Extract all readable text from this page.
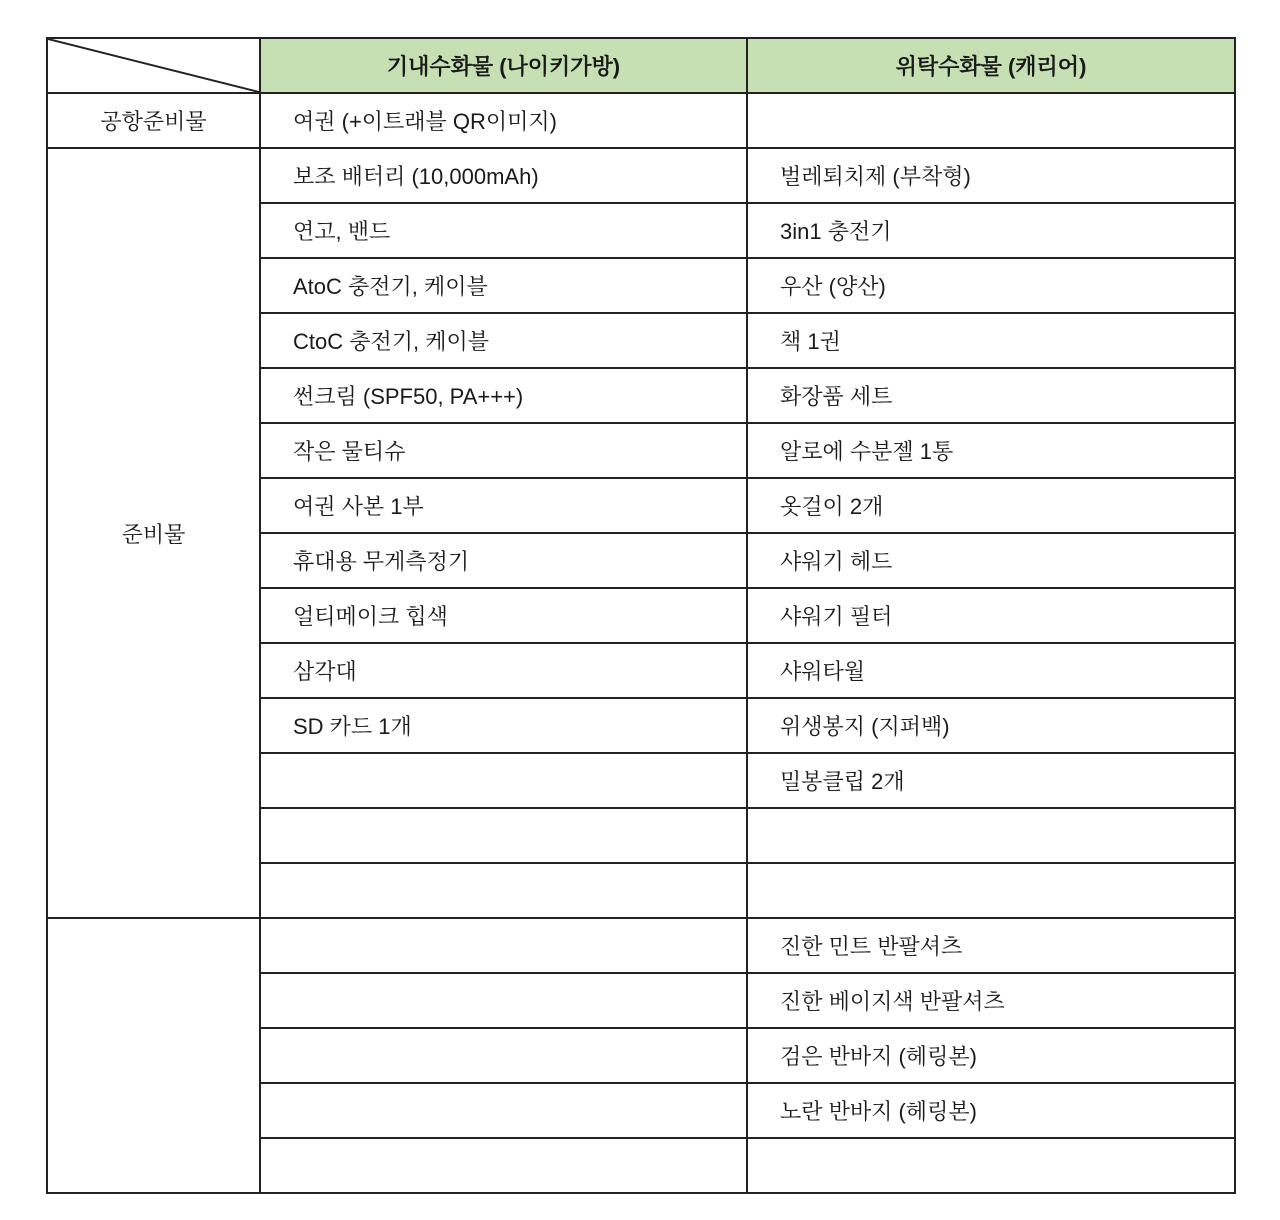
	기내수화물 (나이키가방)	위탁수화물 (캐리어)
공항준비물	여권 (+이트래블 QR이미지)	
준비물	보조 배터리 (10,000mAh)	벌레퇴치제 (부착형)
	연고, 밴드	3in1 충전기
	AtoC 충전기, 케이블	우산 (양산)
	CtoC 충전기, 케이블	책 1권
	썬크림 (SPF50, PA+++)	화장품 세트
	작은 물티슈	알로에 수분젤 1통
	여권 사본 1부	옷걸이 2개
	휴대용 무게측정기	샤워기 헤드
	얼티메이크 힙색	샤워기 필터
	삼각대	샤워타월
	SD 카드 1개	위생봉지 (지퍼백)
		밀봉클립 2개

		진한 민트 반팔셔츠
		진한 베이지색 반팔셔츠
		검은 반바지 (헤링본)
		노란 반바지 (헤링본)
